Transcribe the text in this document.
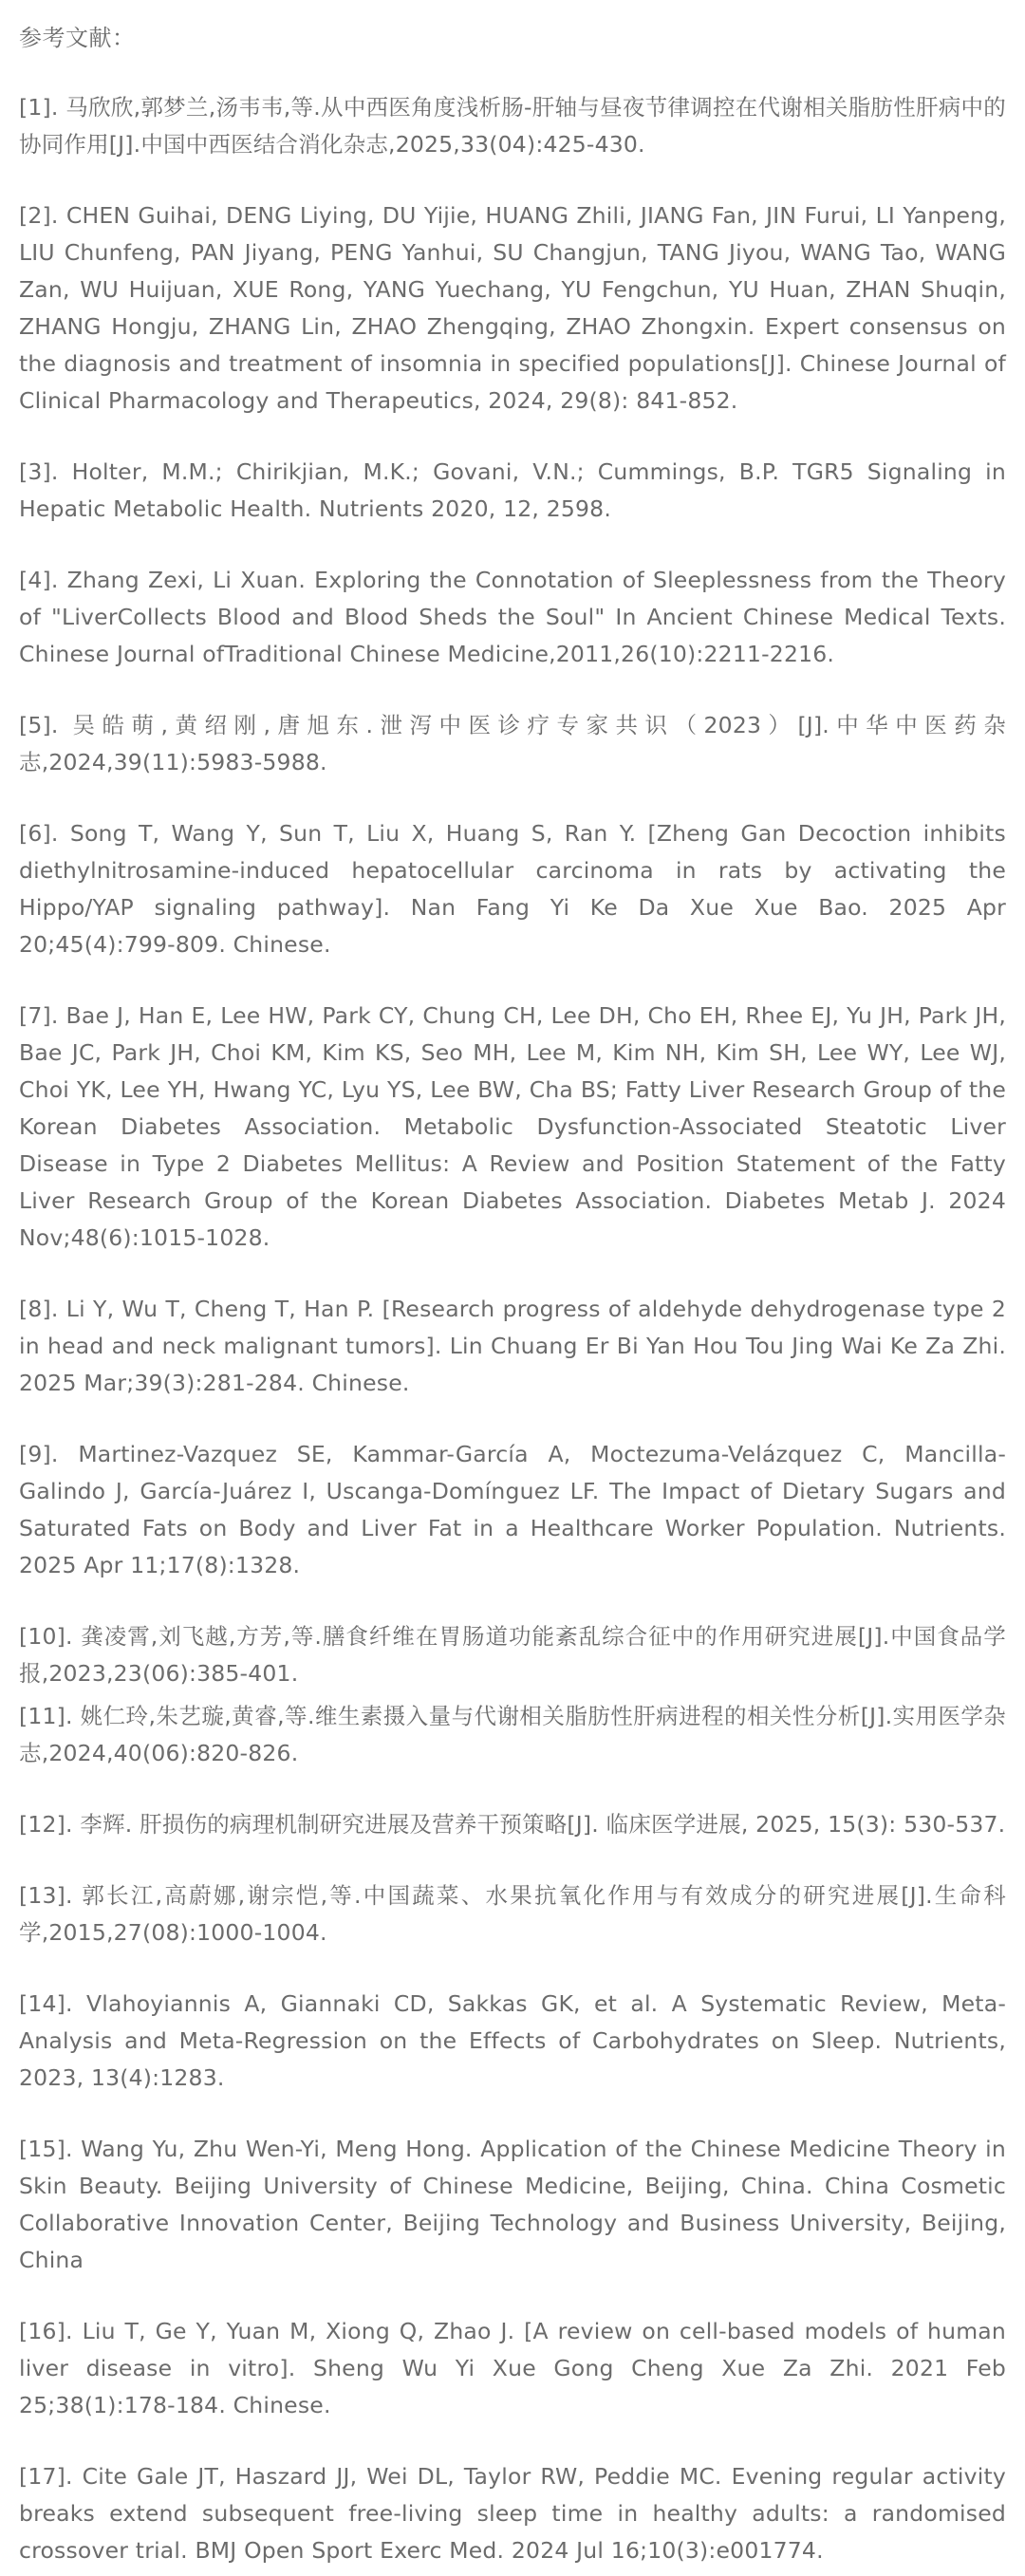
参考文献：

[1]. 马欣欣,郭梦兰,汤韦韦,等.从中西医角度浅析肠-肝轴与昼夜节律调控在代谢相关脂肪性肝病中的协同作用[J].中国中西医结合消化杂志,2025,33(04):425-430.

[2]. CHEN Guihai, DENG Liying, DU Yijie, HUANG Zhili, JIANG Fan, JIN Furui, LI Yanpeng, LIU Chunfeng, PAN Jiyang, PENG Yanhui, SU Changjun, TANG Jiyou, WANG Tao, WANG Zan, WU Huijuan, XUE Rong, YANG Yuechang, YU Fengchun, YU Huan, ZHAN Shuqin, ZHANG Hongju, ZHANG Lin, ZHAO Zhengqing, ZHAO Zhongxin. Expert consensus on the diagnosis and treatment of insomnia in specified populations[J]. Chinese Journal of Clinical Pharmacology and Therapeutics, 2024, 29(8): 841-852.

[3]. Holter, M.M.; Chirikjian, M.K.; Govani, V.N.; Cummings, B.P. TGR5 Signaling in Hepatic Metabolic Health. Nutrients 2020, 12, 2598.

[4]. Zhang Zexi, Li Xuan. Exploring the Connotation of Sleeplessness from the Theory of "LiverCollects Blood and Blood Sheds the Soul" In Ancient Chinese Medical Texts. Chinese Journal ofTraditional Chinese Medicine,2011,26(10):2211-2216.

[5]. 吴皓萌,黄绍刚,唐旭东.泄泻中医诊疗专家共识（2023）[J].中华中医药杂志,2024,39(11):5983-5988.

[6]. Song T, Wang Y, Sun T, Liu X, Huang S, Ran Y. [Zheng Gan Decoction inhibits diethylnitrosamine-induced hepatocellular carcinoma in rats by activating the Hippo/YAP signaling pathway]. Nan Fang Yi Ke Da Xue Xue Bao. 2025 Apr 20;45(4):799-809. Chinese.

[7]. Bae J, Han E, Lee HW, Park CY, Chung CH, Lee DH, Cho EH, Rhee EJ, Yu JH, Park JH, Bae JC, Park JH, Choi KM, Kim KS, Seo MH, Lee M, Kim NH, Kim SH, Lee WY, Lee WJ, Choi YK, Lee YH, Hwang YC, Lyu YS, Lee BW, Cha BS; Fatty Liver Research Group of the Korean Diabetes Association. Metabolic Dysfunction-Associated Steatotic Liver Disease in Type 2 Diabetes Mellitus: A Review and Position Statement of the Fatty Liver Research Group of the Korean Diabetes Association. Diabetes Metab J. 2024 Nov;48(6):1015-1028.

[8]. Li Y, Wu T, Cheng T, Han P. [Research progress of aldehyde dehydrogenase type 2 in head and neck malignant tumors]. Lin Chuang Er Bi Yan Hou Tou Jing Wai Ke Za Zhi. 2025 Mar;39(3):281-284. Chinese.

[9]. Martinez-Vazquez SE, Kammar-García A, Moctezuma-Velázquez C, Mancilla-Galindo J, García-Juárez I, Uscanga-Domínguez LF. The Impact of Dietary Sugars and Saturated Fats on Body and Liver Fat in a Healthcare Worker Population. Nutrients. 2025 Apr 11;17(8):1328.

[10]. 龚凌霄,刘飞越,方芳,等.膳食纤维在胃肠道功能紊乱综合征中的作用研究进展[J].中国食品学报,2023,23(06):385-401.

[11]. 姚仁玲,朱艺璇,黄睿,等.维生素摄入量与代谢相关脂肪性肝病进程的相关性分析[J].实用医学杂志,2024,40(06):820-826.

[12]. 李辉. 肝损伤的病理机制研究进展及营养干预策略[J]. 临床医学进展, 2025, 15(3): 530-537.

[13]. 郭长江,高蔚娜,谢宗恺,等.中国蔬菜、水果抗氧化作用与有效成分的研究进展[J].生命科学,2015,27(08):1000-1004.

[14]. Vlahoyiannis A, Giannaki CD, Sakkas GK, et al. A Systematic Review, Meta-Analysis and Meta-Regression on the Effects of Carbohydrates on Sleep. Nutrients, 2023, 13(4):1283.

[15]. Wang Yu, Zhu Wen-Yi, Meng Hong. Application of the Chinese Medicine Theory in Skin Beauty. Beijing University of Chinese Medicine, Beijing, China. China Cosmetic Collaborative Innovation Center, Beijing Technology and Business University, Beijing, China

[16]. Liu T, Ge Y, Yuan M, Xiong Q, Zhao J. [A review on cell-based models of human liver disease in vitro]. Sheng Wu Yi Xue Gong Cheng Xue Za Zhi. 2021 Feb 25;38(1):178-184. Chinese.

[17]. Cite Gale JT, Haszard JJ, Wei DL, Taylor RW, Peddie MC. Evening regular activity breaks extend subsequent free-living sleep time in healthy adults: a randomised crossover trial. BMJ Open Sport Exerc Med. 2024 Jul 16;10(3):e001774.
